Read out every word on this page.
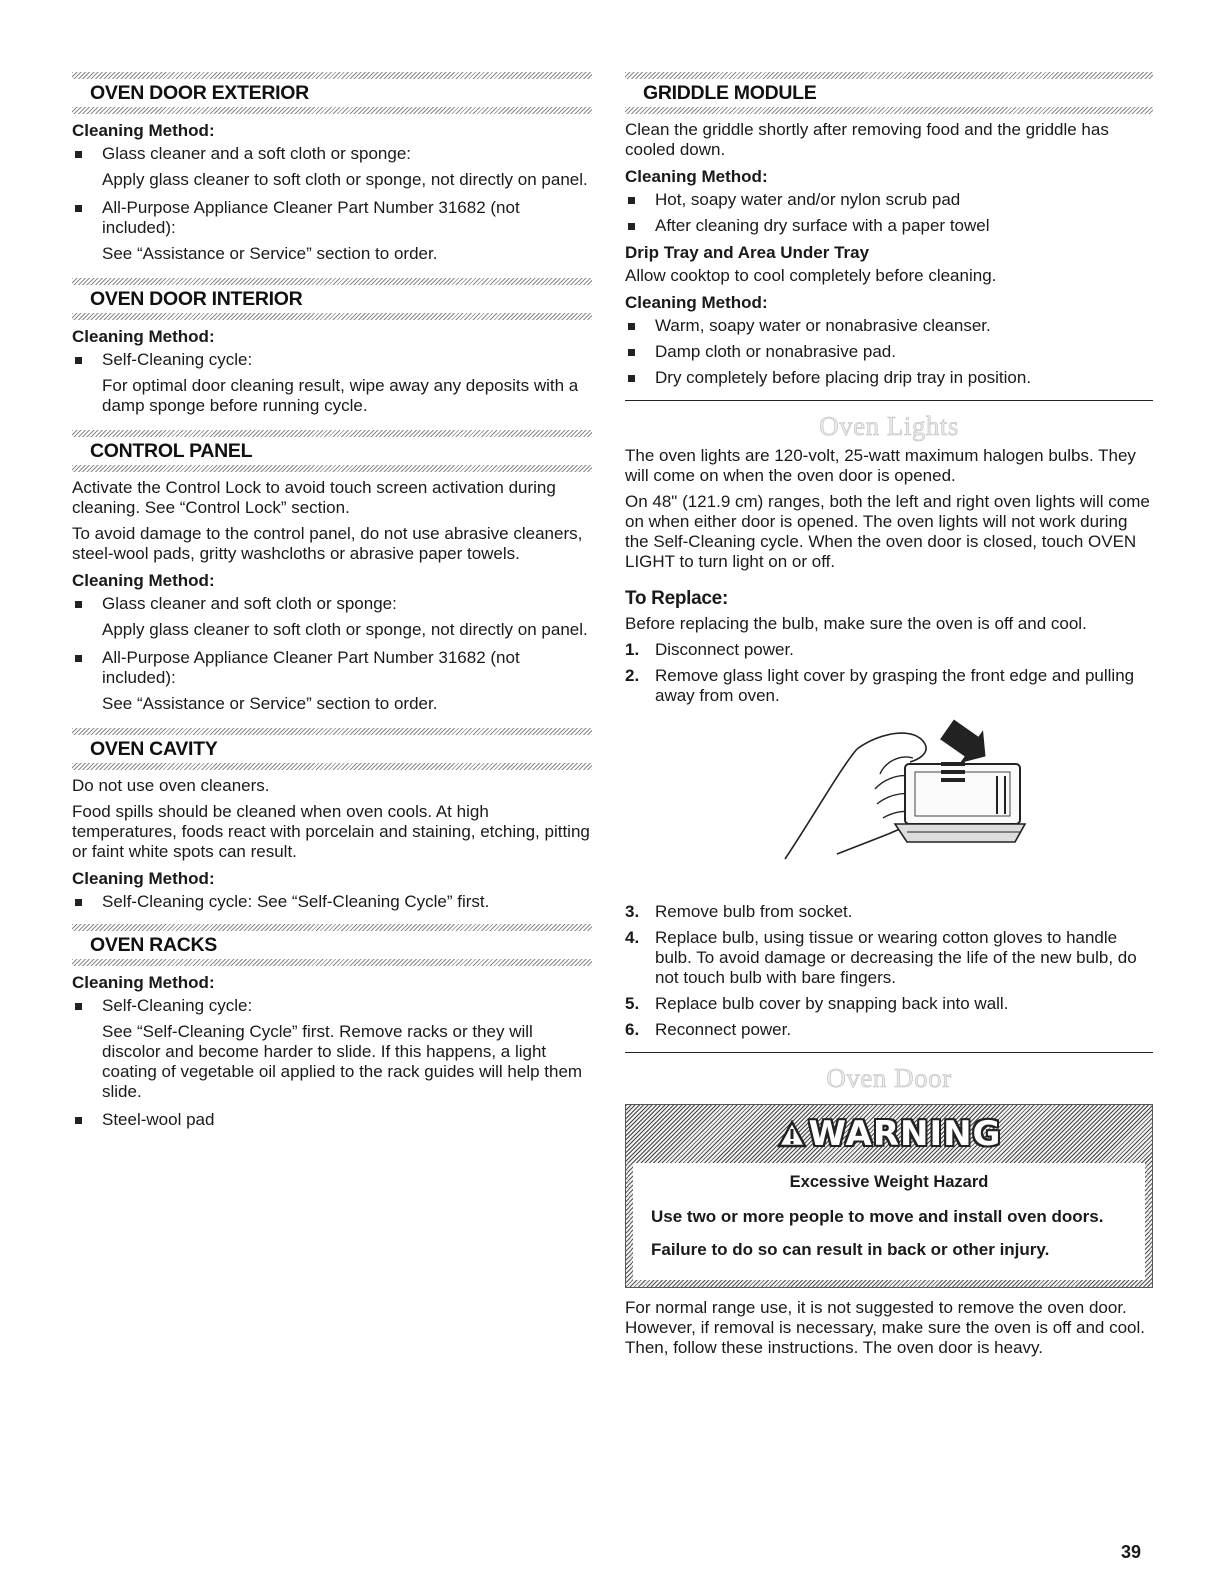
OVEN DOOR EXTERIOR
Cleaning Method:
Glass cleaner and a soft cloth or sponge:
Apply glass cleaner to soft cloth or sponge, not directly on panel.
All-Purpose Appliance Cleaner Part Number 31682 (not included):
See “Assistance or Service” section to order.
OVEN DOOR INTERIOR
Cleaning Method:
Self-Cleaning cycle:
For optimal door cleaning result, wipe away any deposits with a damp sponge before running cycle.
CONTROL PANEL

Activate the Control Lock to avoid touch screen activation during cleaning. See “Control Lock” section.

To avoid damage to the control panel, do not use abrasive cleaners, steel-wool pads, gritty washcloths or abrasive paper towels.

Cleaning Method:
Glass cleaner and soft cloth or sponge:
Apply glass cleaner to soft cloth or sponge, not directly on panel.
All-Purpose Appliance Cleaner Part Number 31682 (not included):
See “Assistance or Service” section to order.
OVEN CAVITY

Do not use oven cleaners.

Food spills should be cleaned when oven cools. At high temperatures, foods react with porcelain and staining, etching, pitting or faint white spots can result.

Cleaning Method:
Self-Cleaning cycle: See “Self-Cleaning Cycle” first.
OVEN RACKS
Cleaning Method:
Self-Cleaning cycle:
See “Self-Cleaning Cycle” first. Remove racks or they will discolor and become harder to slide. If this happens, a light coating of vegetable oil applied to the rack guides will help them slide.
Steel-wool pad
GRIDDLE MODULE

Clean the griddle shortly after removing food and the griddle has cooled down.

Cleaning Method:
Hot, soapy water and/or nylon scrub pad
After cleaning dry surface with a paper towel
Drip Tray and Area Under Tray

Allow cooktop to cool completely before cleaning.

Cleaning Method:
Warm, soapy water or nonabrasive cleanser.
Damp cloth or nonabrasive pad.
Dry completely before placing drip tray in position.
Oven Lights

The oven lights are 120-volt, 25-watt maximum halogen bulbs. They will come on when the oven door is opened.

On 48" (121.9 cm) ranges, both the left and right oven lights will come on when either door is opened. The oven lights will not work during the Self-Cleaning cycle. When the oven door is closed, touch OVEN LIGHT to turn light on or off.

To Replace:

Before replacing the bulb, make sure the oven is off and cool.

1. Disconnect power.
2. Remove glass light cover by grasping the front edge and pulling away from oven.
3. Remove bulb from socket.
4. Replace bulb, using tissue or wearing cotton gloves to handle bulb. To avoid damage or decreasing the life of the new bulb, do not touch bulb with bare fingers.
5. Replace bulb cover by snapping back into wall.
6. Reconnect power.
Oven Door
WARNING
Excessive Weight Hazard
Use two or more people to move and install oven doors.
Failure to do so can result in back or other injury.

For normal range use, it is not suggested to remove the oven door. However, if removal is necessary, make sure the oven is off and cool. Then, follow these instructions. The oven door is heavy.

39
